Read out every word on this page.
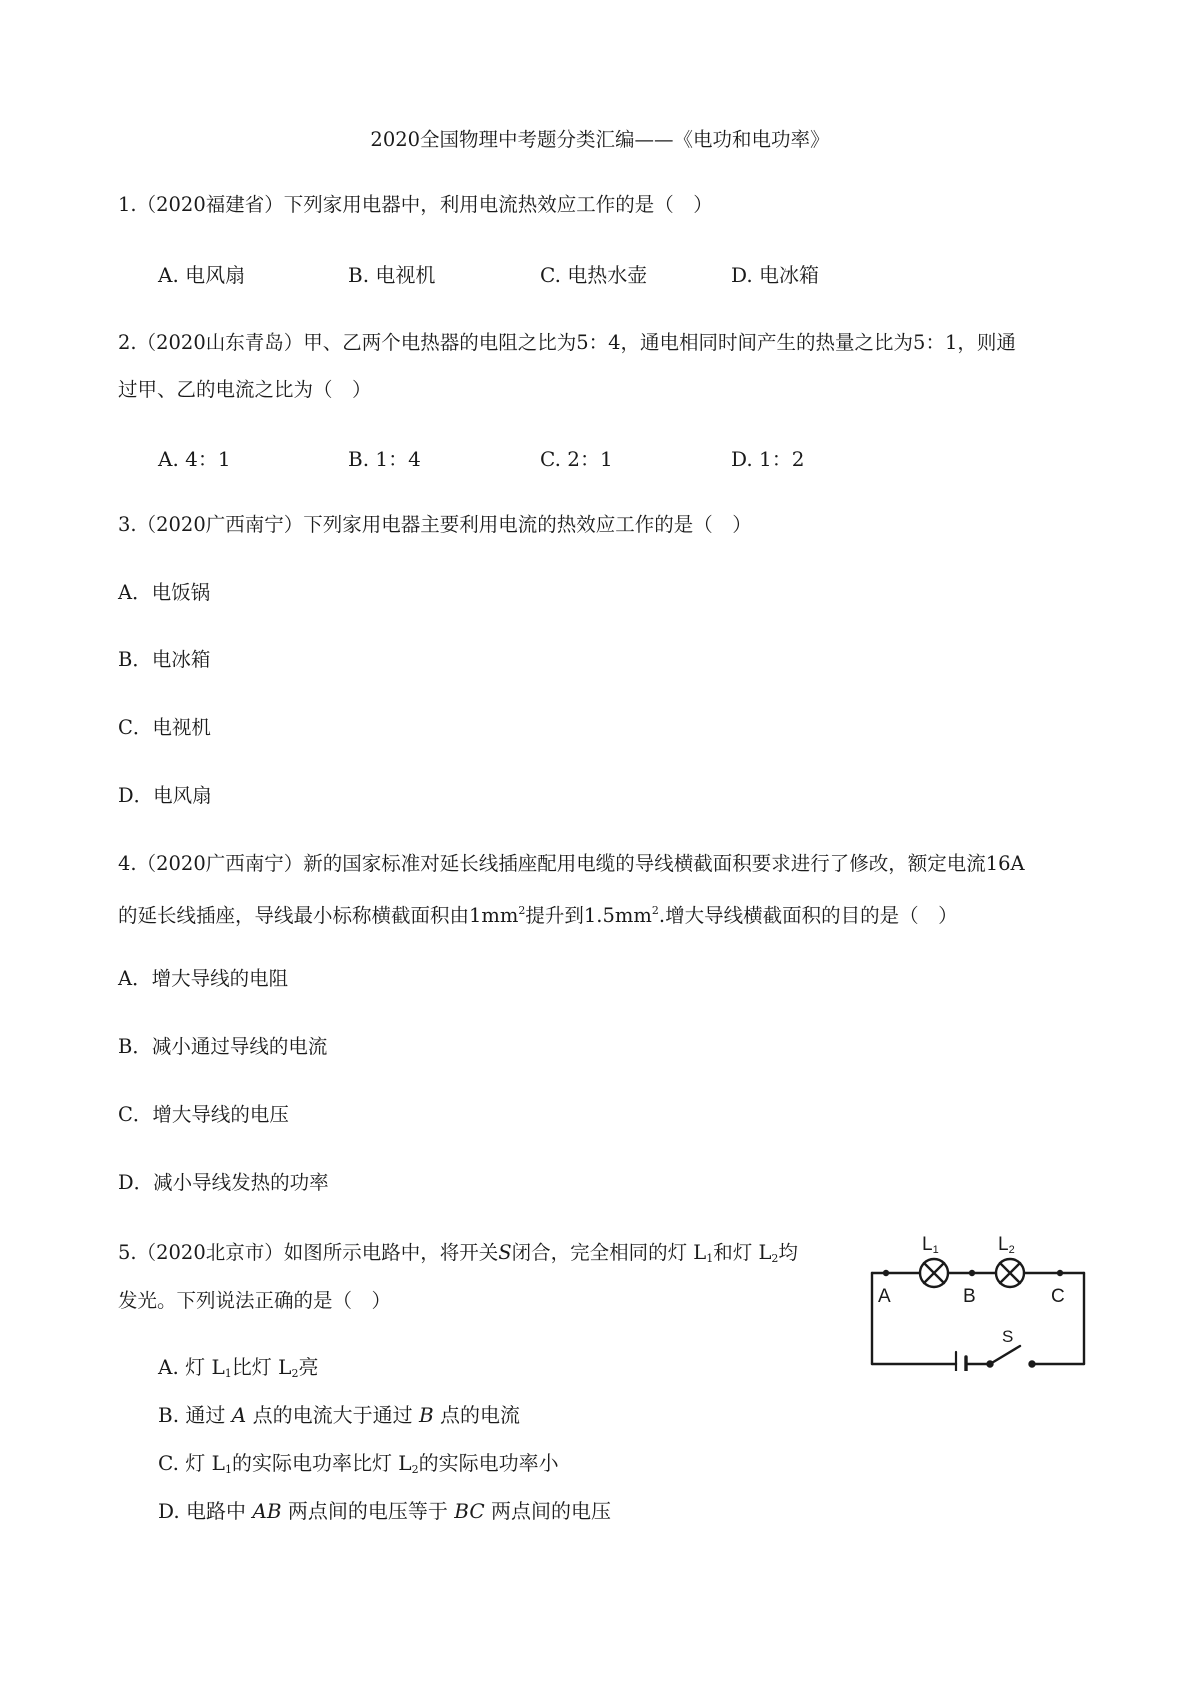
2020全国物理中考题分类汇编——《电功和电功率》
1.（2020福建省）下列家用电器中，利用电流热效应工作的是（　）
A. 电风扇	B. 电视机	C. 电热水壶	D. 电冰箱
2.（2020山东青岛）甲、乙两个电热器的电阻之比为5：4，通电相同时间产生的热量之比为5：1，则通
过甲、乙的电流之比为（　）
A. 4：1	B. 1：4	C. 2：1	D. 1：2
3.（2020广西南宁）下列家用电器主要利用电流的热效应工作的是（　）
A．电饭锅
B．电冰箱
C．电视机
D．电风扇
4.（2020广西南宁）新的国家标准对延长线插座配用电缆的导线横截面积要求进行了修改，额定电流16A
的延长线插座，导线最小标称横截面积由$1mm^2$提升到$1.5mm^2$.增大导线横截面积的目的是（　）
A．增大导线的电阻
B．减小通过导线的电流
C．增大导线的电压
D．减小导线发热的功率
5.（2020北京市）如图所示电路中，将开关S闭合，完全相同的灯 $L_1$和灯 $L_2$均
发光。下列说法正确的是（　）
A. 灯 $L_1$比灯 $L_2$亮
B. 通过 A 点的电流大于通过 B 点的电流
C. 灯 $L_1$的实际电功率比灯 $L_2$的实际电功率小
D. 电路中 AB 两点间的电压等于 BC 两点间的电压
L1	L2
A	B	C
S
